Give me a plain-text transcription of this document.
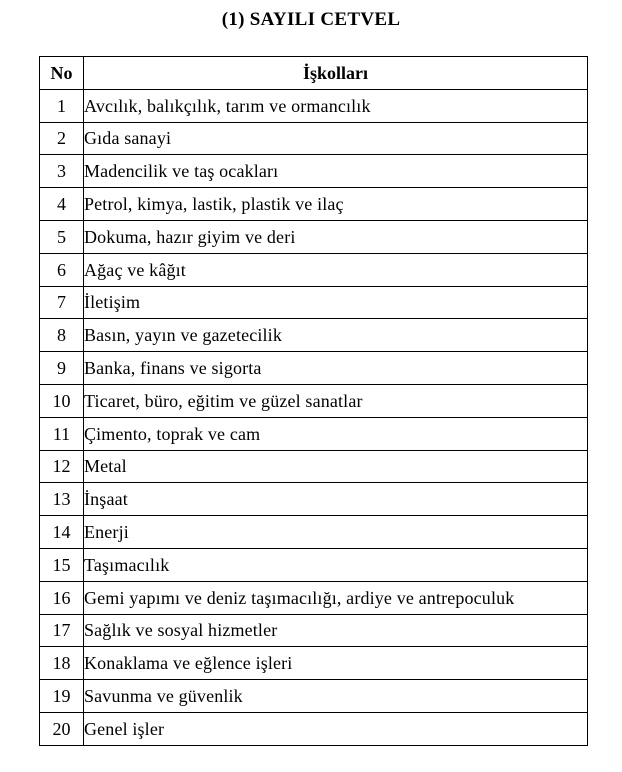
(1) SAYILI CETVEL
No	İşkolları
1	Avcılık, balıkçılık, tarım ve ormancılık
2	Gıda sanayi
3	Madencilik ve taş ocakları
4	Petrol, kimya, lastik, plastik ve ilaç
5	Dokuma, hazır giyim ve deri
6	Ağaç ve kâğıt
7	İletişim
8	Basın, yayın ve gazetecilik
9	Banka, finans ve sigorta
10	Ticaret, büro, eğitim ve güzel sanatlar
11	Çimento, toprak ve cam
12	Metal
13	İnşaat
14	Enerji
15	Taşımacılık
16	Gemi yapımı ve deniz taşımacılığı, ardiye ve antrepoculuk
17	Sağlık ve sosyal hizmetler
18	Konaklama ve eğlence işleri
19	Savunma ve güvenlik
20	Genel işler
